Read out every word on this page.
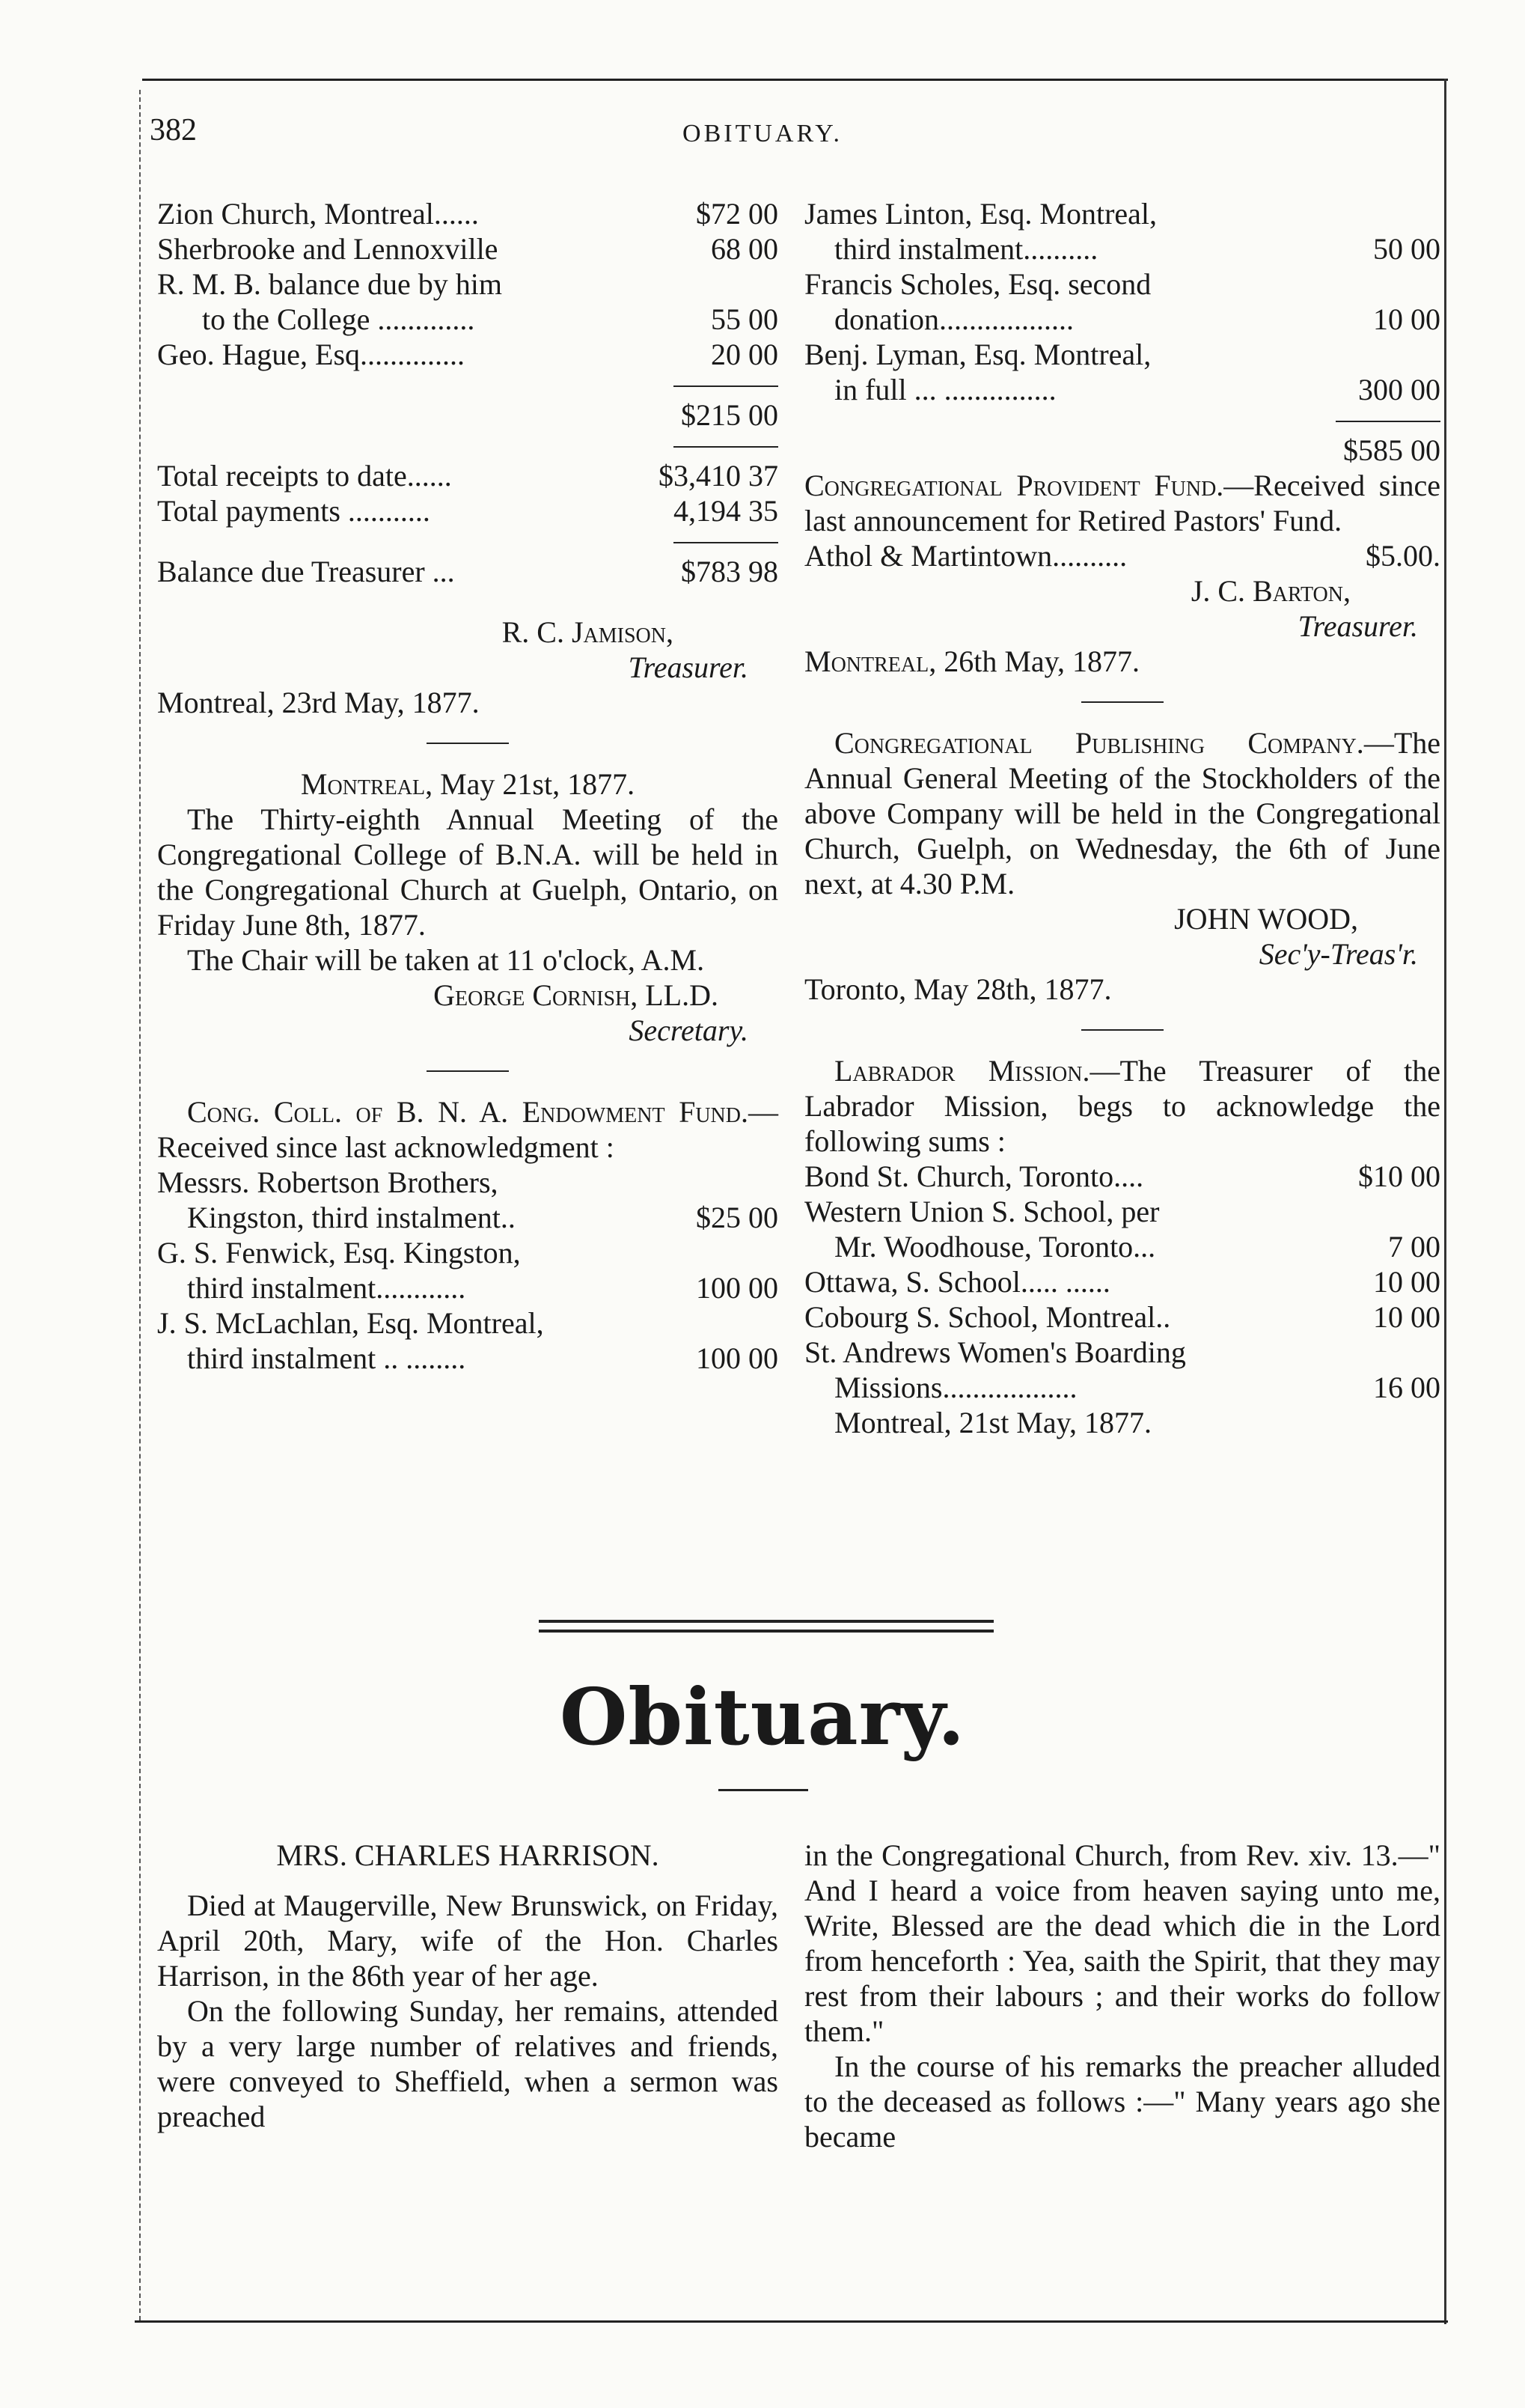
382	OBITUARY.
Zion Church, Montreal......	$72 00
Sherbrooke and Lennoxville	68 00
R. M. B. balance due by him
to the College .............	55 00
Geo. Hague, Esq..............	20 00
$215 00
Total receipts to date......	$3,410 37
Total payments ...........	4,194 35
Balance due Treasurer ...	$783 98
R. C. Jamison,
Treasurer.
Montreal, 23rd May, 1877.
Montreal, May 21st, 1877.
The Thirty-eighth Annual Meeting of the Congregational College of B.N.A. will be held in the Congregational Church at Guelph, Ontario, on Friday June 8th, 1877.
The Chair will be taken at 11 o'clock, A.M.
George Cornish, LL.D.
Secretary.
Cong. Coll. of B. N. A. Endowment Fund.—Received since last acknowledgment :
Messrs. Robertson Brothers,
Kingston, third instalment..	$25 00
G. S. Fenwick, Esq. Kingston,
third instalment............	100 00
J. S. McLachlan, Esq. Montreal,
third instalment .. ........	100 00
James Linton, Esq. Montreal,
third instalment..........	50 00
Francis Scholes, Esq. second
donation..................	10 00
Benj. Lyman, Esq. Montreal,
in full ... ...............	300 00
$585 00
Congregational Provident Fund.—Received since last announcement for Retired Pastors' Fund.
Athol & Martintown..........	$5.00.
J. C. Barton,
Treasurer.
Montreal, 26th May, 1877.
Congregational Publishing Company.—The Annual General Meeting of the Stockholders of the above Company will be held in the Congregational Church, Guelph, on Wednesday, the 6th of June next, at 4.30 P.M.
JOHN WOOD,
Sec'y-Treas'r.
Toronto, May 28th, 1877.
Labrador Mission.—The Treasurer of the Labrador Mission, begs to acknowledge the following sums :
Bond St. Church, Toronto....	$10 00
Western Union S. School, per
Mr. Woodhouse, Toronto...	7 00
Ottawa, S. School..... ......	10 00
Cobourg S. School, Montreal..	10 00
St. Andrews Women's Boarding
Missions..................	16 00
Montreal, 21st May, 1877.
Obituary.
MRS. CHARLES HARRISON.
Died at Maugerville, New Brunswick, on Friday, April 20th, Mary, wife of the Hon. Charles Harrison, in the 86th year of her age.
On the following Sunday, her remains, attended by a very large number of relatives and friends, were conveyed to Sheffield, when a sermon was preached
in the Congregational Church, from Rev. xiv. 13.—" And I heard a voice from heaven saying unto me, Write, Blessed are the dead which die in the Lord from henceforth : Yea, saith the Spirit, that they may rest from their labours ; and their works do follow them."
In the course of his remarks the preacher alluded to the deceased as follows :—" Many years ago she became
